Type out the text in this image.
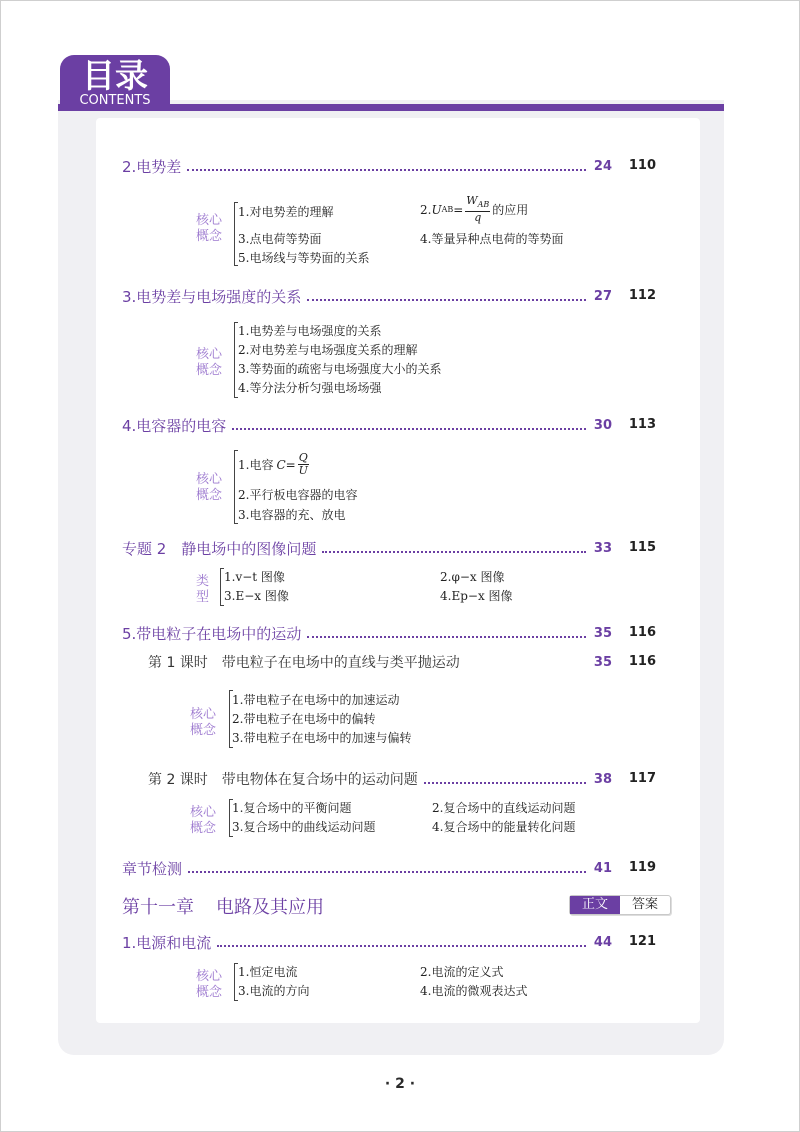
目录
CONTENTS
2.电势差	24	110
核心
概念
1.对电势差的理解	2. U AB = $\frac{W_{AB}}{q}$ 的应用
3.点电荷等势面	4.等量异种点电荷的等势面
5.电场线与等势面的关系
3.电势差与电场强度的关系	27	112
核心
概念
1.电势差与电场强度的关系
2.对电势差与电场强度关系的理解
3.等势面的疏密与电场强度大小的关系
4.等分法分析匀强电场场强
4.电容器的电容	30	113
核心
概念
1.电容 $C = \frac{Q}{U}$
2.平行板电容器的电容
3.电容器的充、放电
专题 2　静电场中的图像问题	33	115
类
型
1.v−t 图像	2.φ−x 图像
3.E−x 图像	4.Ep−x 图像
5.带电粒子在电场中的运动	35	116
第 1 课时　带电粒子在电场中的直线与类平抛运动	35	116
核心
概念
1.带电粒子在电场中的加速运动
2.带电粒子在电场中的偏转
3.带电粒子在电场中的加速与偏转
第 2 课时　带电物体在复合场中的运动问题	38	117
核心
概念
1.复合场中的平衡问题	2.复合场中的直线运动问题
3.复合场中的曲线运动问题	4.复合场中的能量转化问题
章节检测	41	119
第十一章 电路及其应用	正文	答案
1.电源和电流	44	121
核心
概念
1.恒定电流	2.电流的定义式
3.电流的方向	4.电流的微观表达式
· 2 ·
